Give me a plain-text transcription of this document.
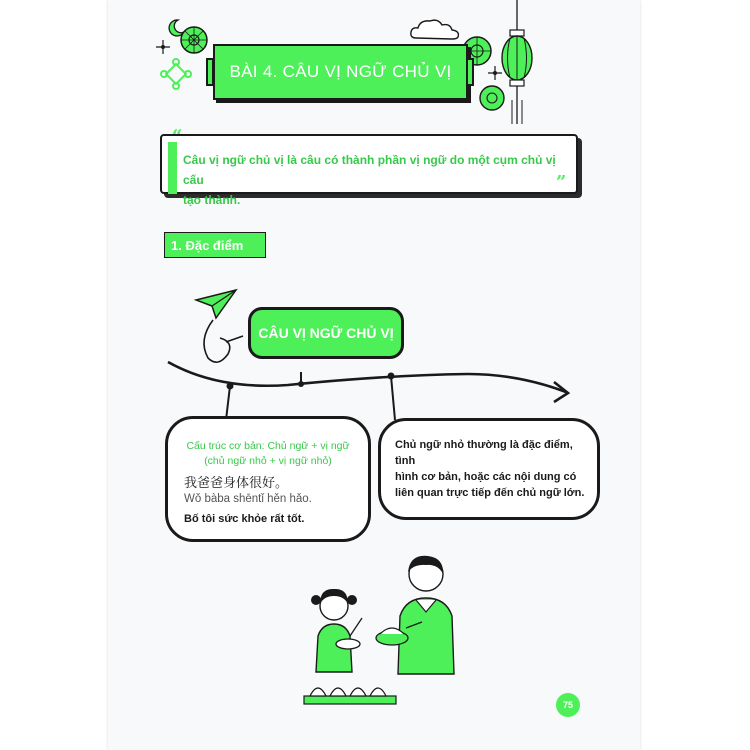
BÀI 4. CÂU VỊ NGỮ CHỦ VỊ
“
Câu vị ngữ chủ vị là câu có thành phần vị ngữ do một cụm chủ vị cấu
tạo thành.
”
1. Đặc điểm
CÂU VỊ NGỮ CHỦ VỊ
Cấu trúc cơ bản: Chủ ngữ + vị ngữ
(chủ ngữ nhỏ + vị ngữ nhỏ)
我爸爸身体很好。
Wǒ bàba shēntǐ hěn hǎo.
Bố tôi sức khỏe rất tốt.
Chủ ngữ nhỏ thường là đặc điểm, tình
hình cơ bản, hoặc các nội dung có
liên quan trực tiếp đến chủ ngữ lớn.
75
